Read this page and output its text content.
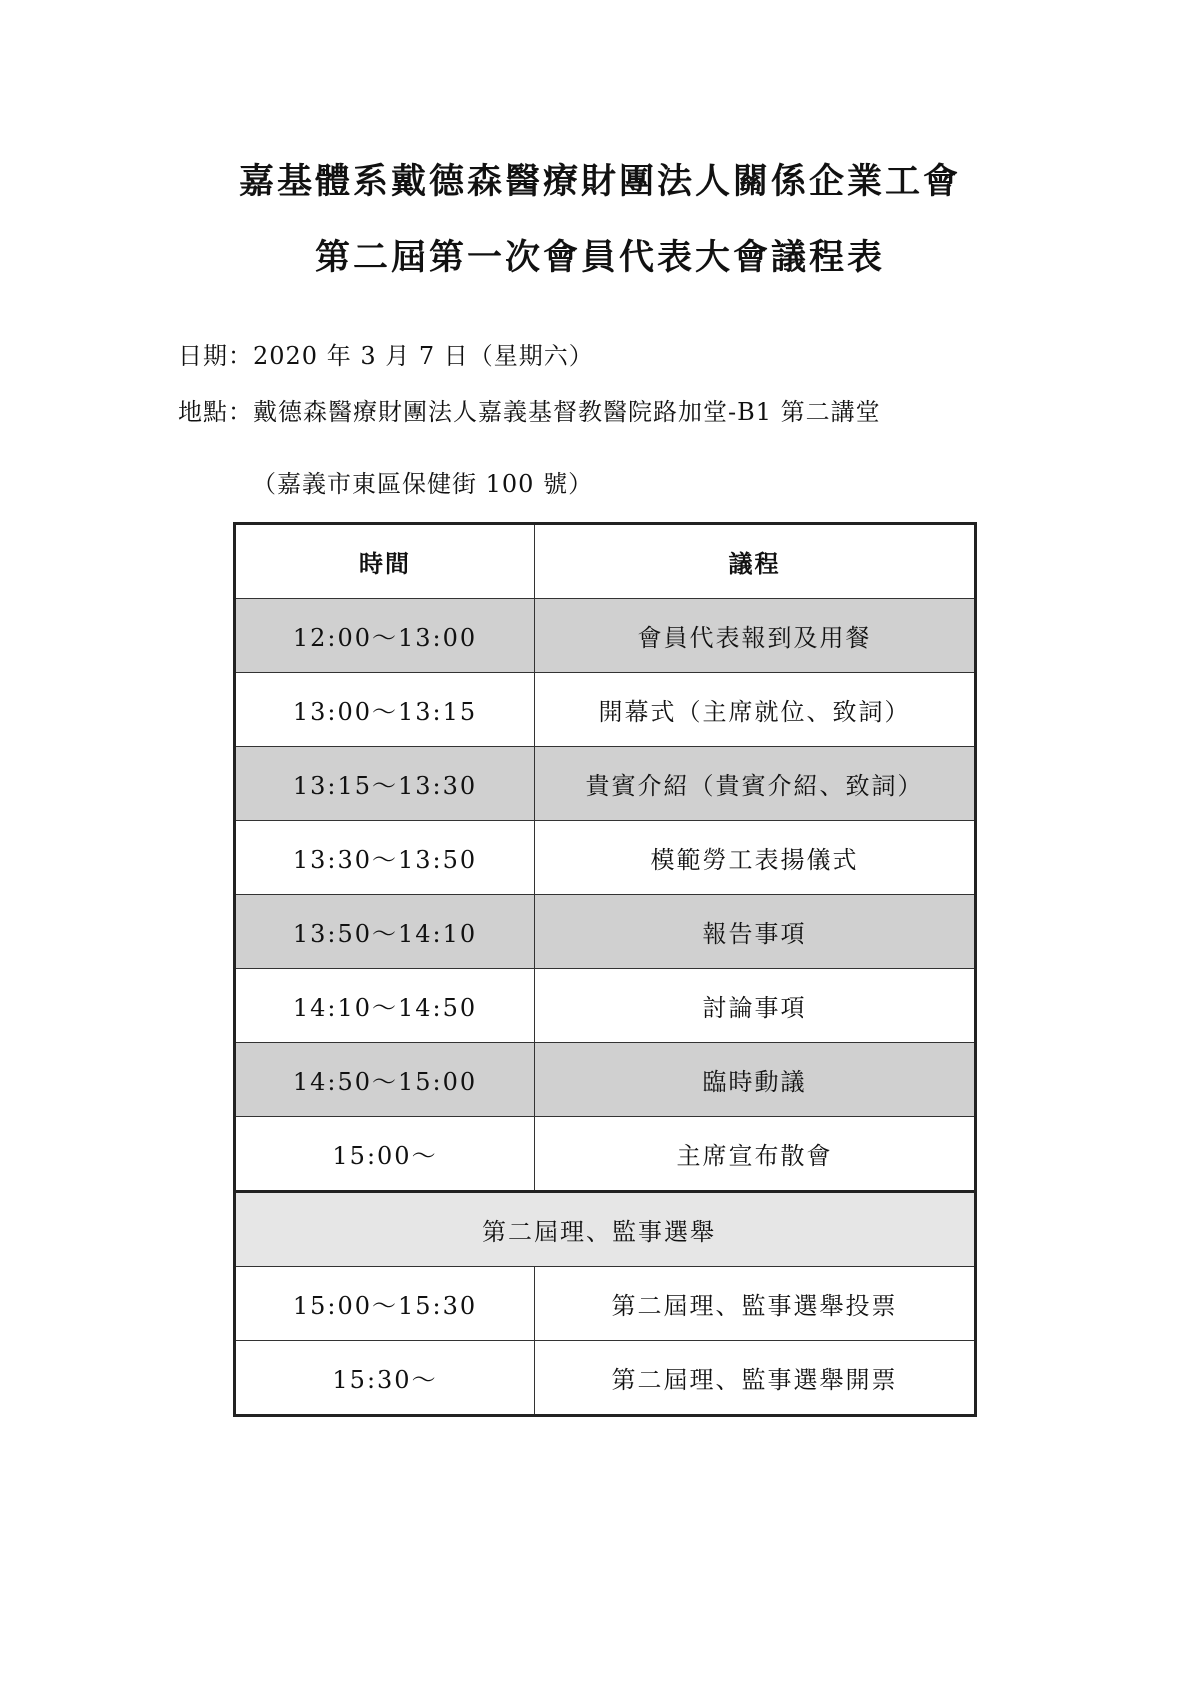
嘉基體系戴德森醫療財團法人關係企業工會
第二屆第一次會員代表大會議程表
日期：2020 年 3 月 7 日（星期六）
地點：戴德森醫療財團法人嘉義基督教醫院路加堂-B1 第二講堂
（嘉義市東區保健街 100 號）
時間	議程
12:00～13:00	會員代表報到及用餐
13:00～13:15	開幕式（主席就位、致詞）
13:15～13:30	貴賓介紹（貴賓介紹、致詞）
13:30～13:50	模範勞工表揚儀式
13:50～14:10	報告事項
14:10～14:50	討論事項
14:50～15:00	臨時動議
15:00～	主席宣布散會
第二屆理、監事選舉	
15:00～15:30	第二屆理、監事選舉投票
15:30～	第二屆理、監事選舉開票
